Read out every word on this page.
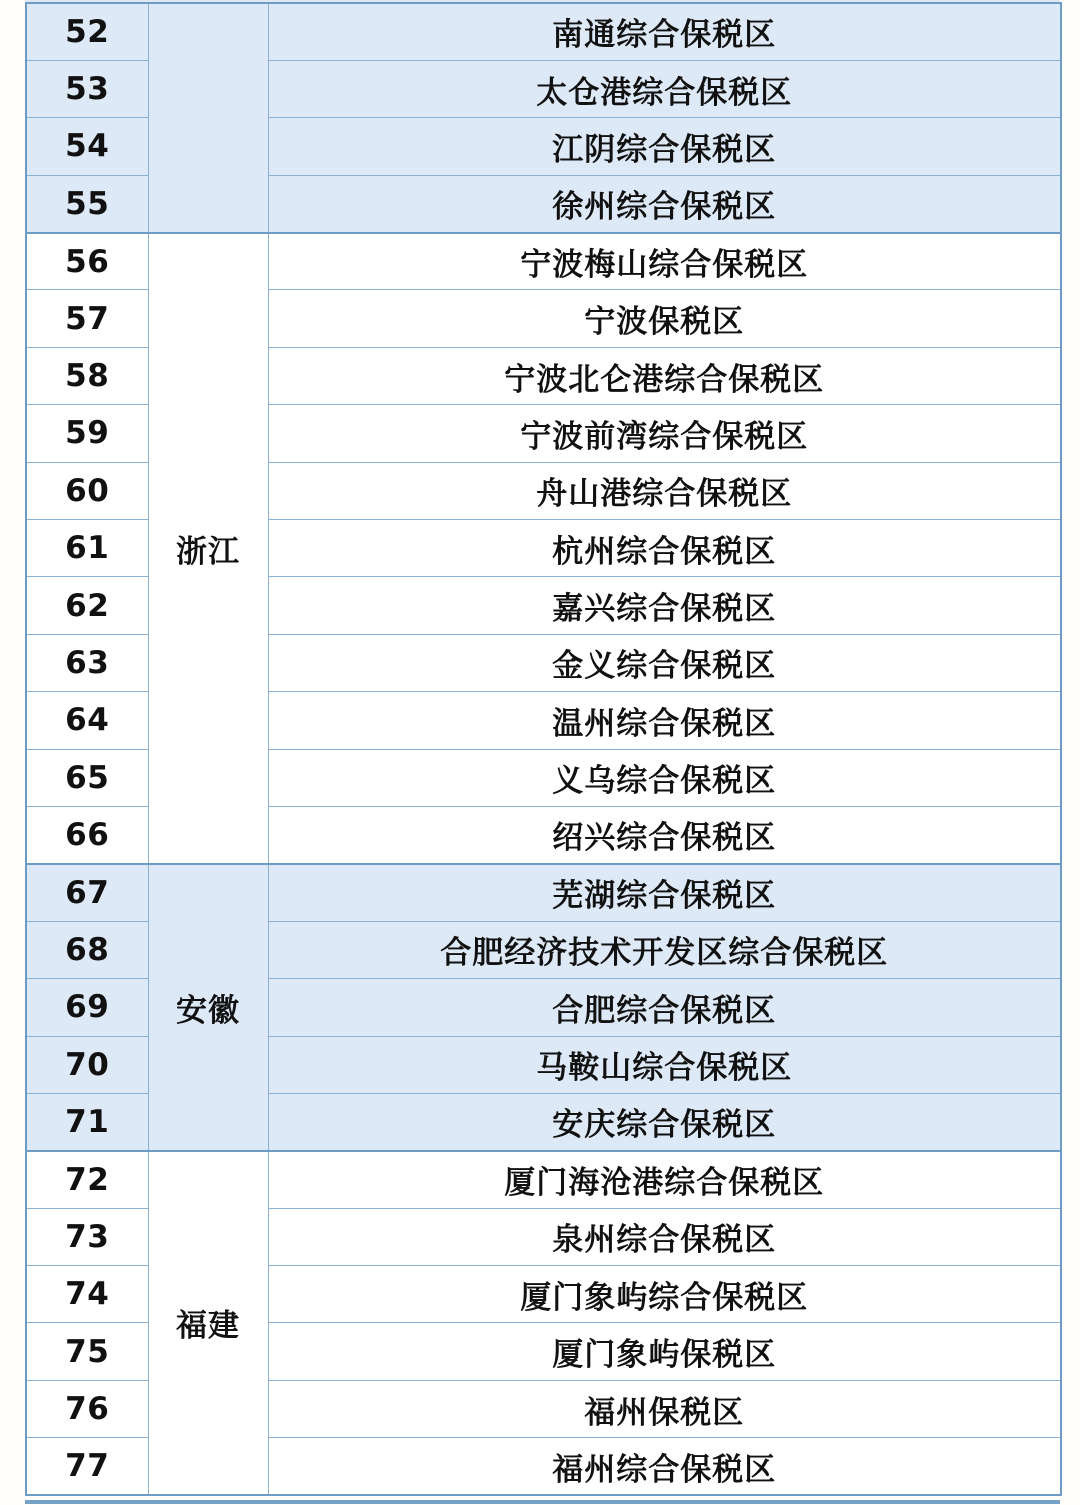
52		南通综合保税区
53		太仓港综合保税区
54		江阴综合保税区
55		徐州综合保税区
56	浙江	宁波梅山综合保税区
57		宁波保税区
58		宁波北仑港综合保税区
59		宁波前湾综合保税区
60		舟山港综合保税区
61		杭州综合保税区
62		嘉兴综合保税区
63		金义综合保税区
64		温州综合保税区
65		义乌综合保税区
66		绍兴综合保税区
67	安徽	芜湖综合保税区
68		合肥经济技术开发区综合保税区
69		合肥综合保税区
70		马鞍山综合保税区
71		安庆综合保税区
72	福建	厦门海沧港综合保税区
73		泉州综合保税区
74		厦门象屿综合保税区
75		厦门象屿保税区
76		福州保税区
77		福州综合保税区
